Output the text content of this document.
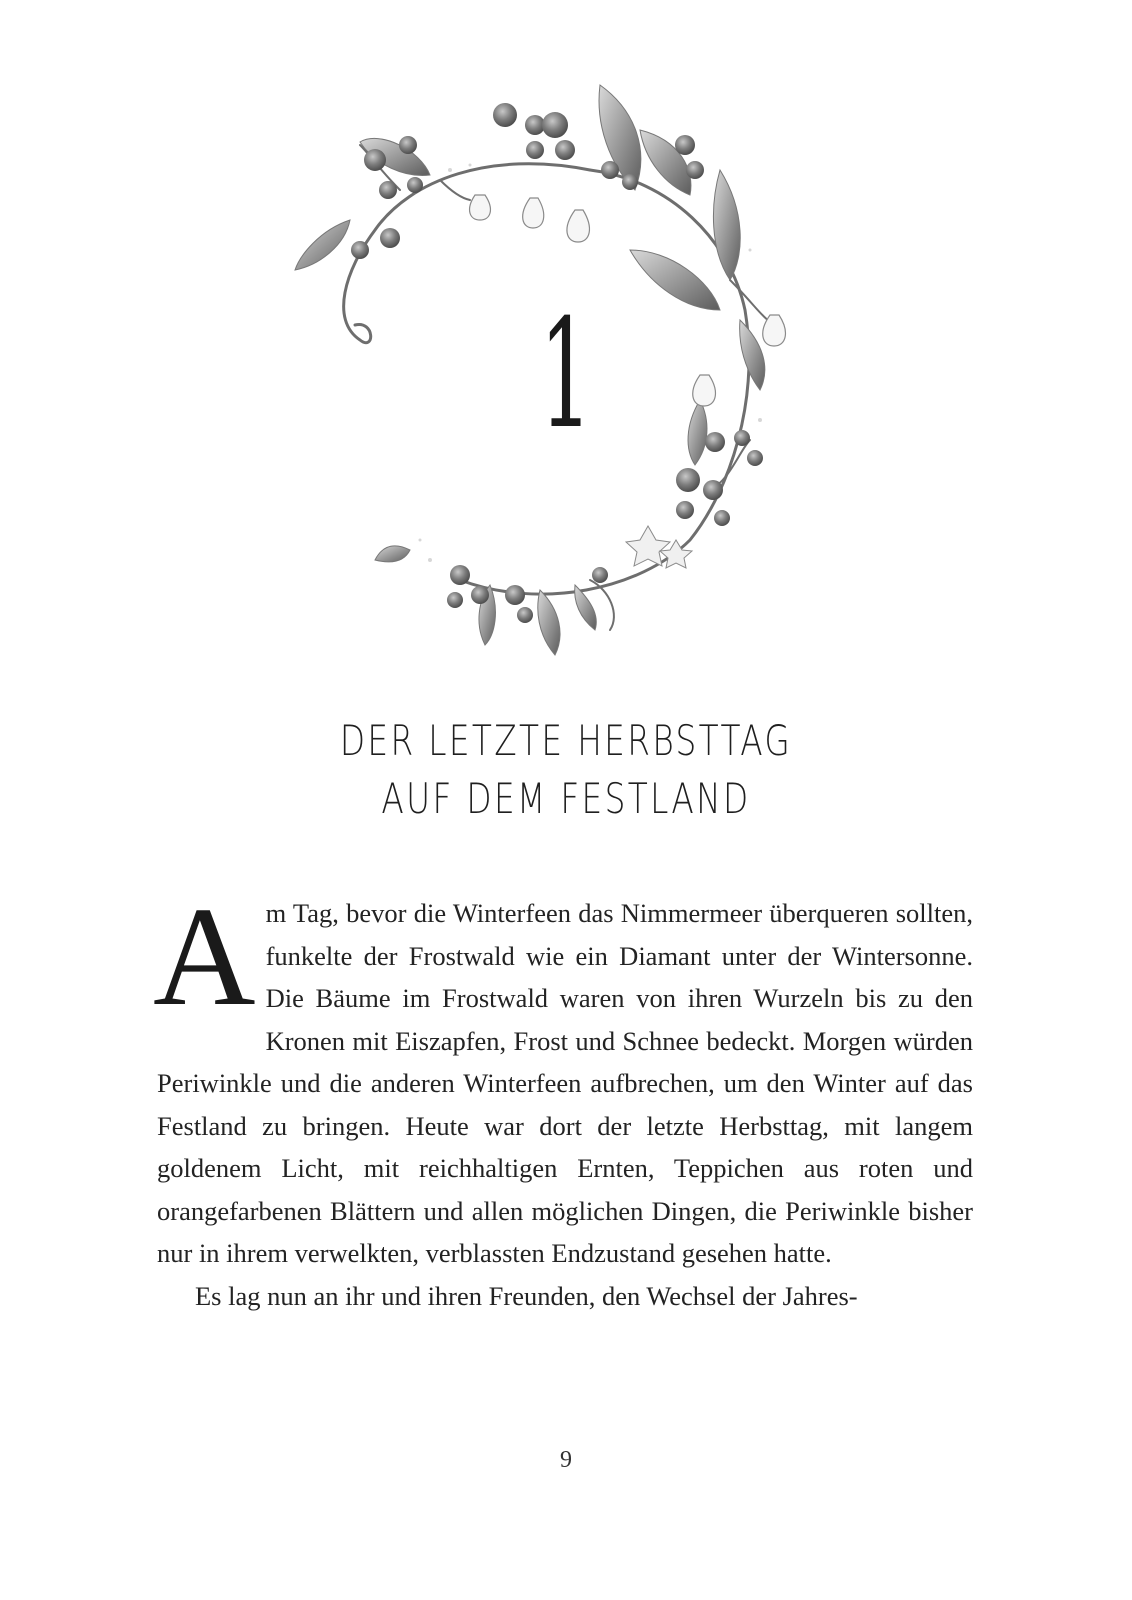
1
DER LETZTE HERBSTTAG
AUF DEM FESTLAND

Am Tag, bevor die Winterfeen das Nimmermeer überqueren sollten, funkelte der Frostwald wie ein Diamant unter der Wintersonne. Die Bäume im Frostwald waren von ihren Wurzeln bis zu den Kronen mit Eiszapfen, Frost und Schnee bedeckt. Morgen würden Periwinkle und die anderen Winterfeen aufbrechen, um den Winter auf das Festland zu bringen. Heute war dort der letzte Herbsttag, mit langem goldenem Licht, mit reichhaltigen Ernten, Teppichen aus roten und orangefarbenen Blättern und allen möglichen Dingen, die Periwinkle bisher nur in ihrem verwelkten, verblassten Endzustand gesehen hatte.

Es lag nun an ihr und ihren Freunden, den Wechsel der Jahres-

9
